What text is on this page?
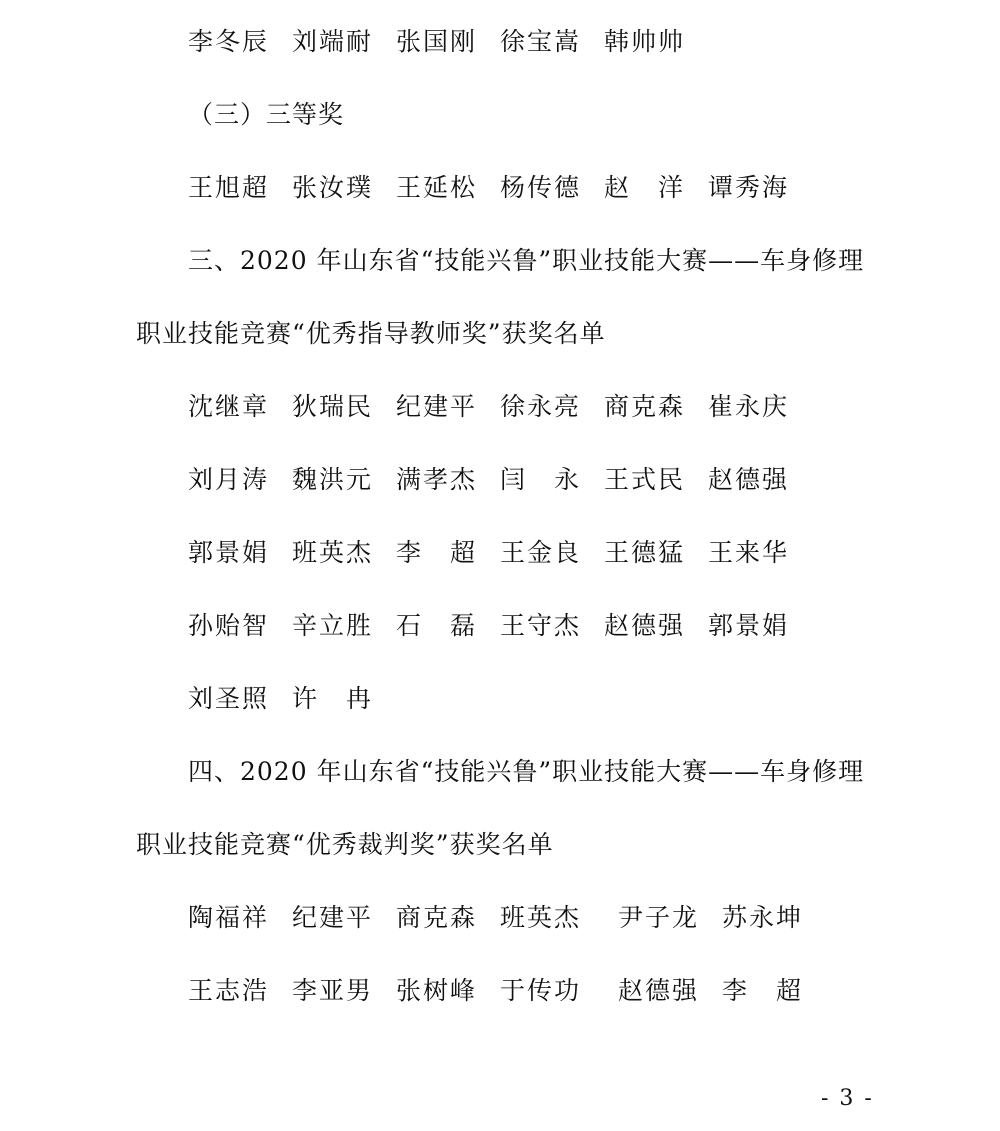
李冬辰 刘端耐 张国刚 徐宝嵩 韩帅帅
（三）三等奖
王旭超 张汝璞 王延松 杨传德 赵　洋 谭秀海
三、2020 年山东省“技能兴鲁”职业技能大赛——车身修理
职业技能竞赛“优秀指导教师奖”获奖名单
沈继章 狄瑞民 纪建平 徐永亮 商克森 崔永庆
刘月涛 魏洪元 满孝杰 闫　永 王式民 赵德强
郭景娟 班英杰 李　超 王金良 王德猛 王来华
孙贻智 辛立胜 石　磊 王守杰 赵德强 郭景娟
刘圣照 许　冉
四、2020 年山东省“技能兴鲁”职业技能大赛——车身修理
职业技能竞赛“优秀裁判奖”获奖名单
陶福祥 纪建平 商克森 班英杰	尹子龙 苏永坤
王志浩 李亚男 张树峰 于传功	赵德强 李　超
- 3 -
